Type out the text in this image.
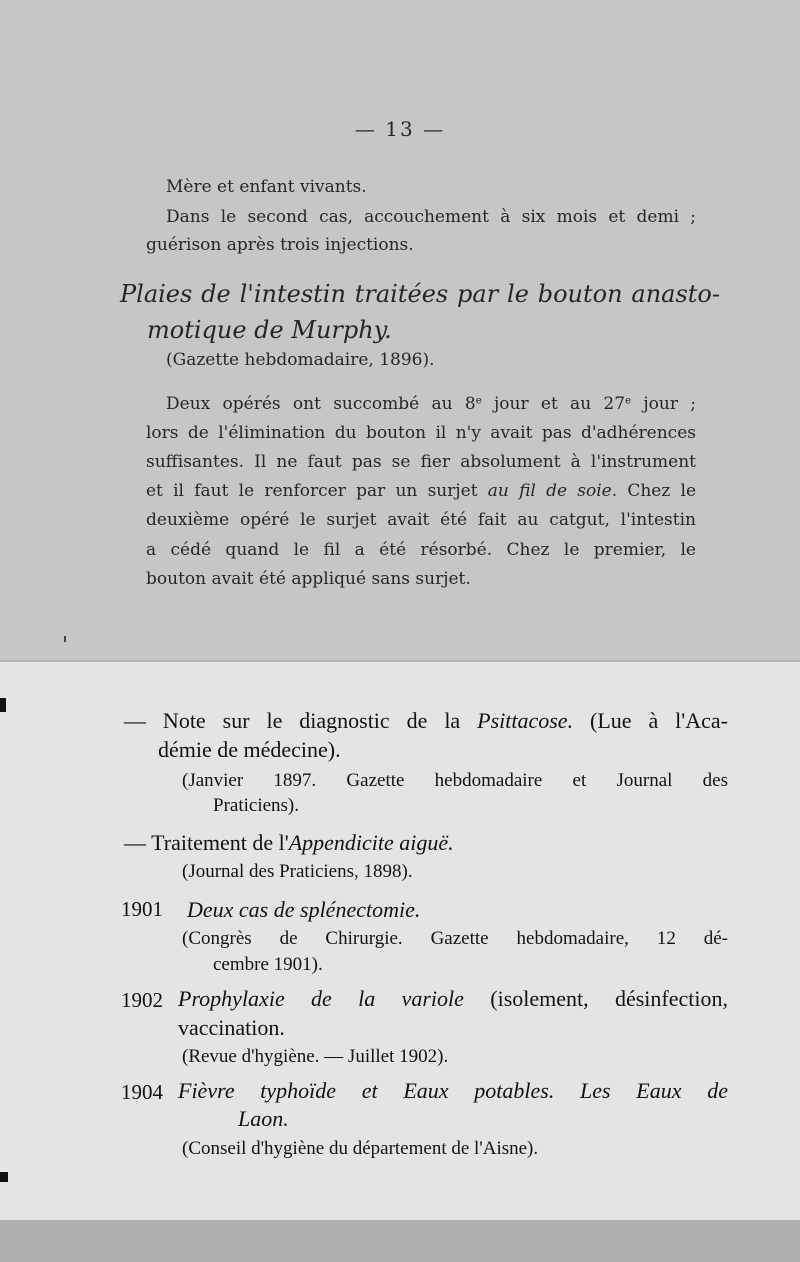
— 13 —
Mère et enfant vivants.
Dans le second cas, accouchement à six mois et demi ;
guérison après trois injections.
Plaies de l'intestin traitées par le bouton anasto-
motique de Murphy.
(Gazette hebdomadaire, 1896).
Deux opérés ont succombé au 8e jour et au 27e jour ;
lors de l'élimination du bouton il n'y avait pas d'adhérences
suffisantes. Il ne faut pas se fier absolument à l'instrument
et il faut le renforcer par un surjet au fil de soie. Chez le
deuxième opéré le surjet avait été fait au catgut, l'intestin
a cédé quand le fil a été résorbé. Chez le premier, le
bouton avait été appliqué sans surjet.
— Note sur le diagnostic de la Psittacose. (Lue à l'Aca-
démie de médecine).
(Janvier 1897. Gazette hebdomadaire et Journal des
Praticiens).
— Traitement de l'Appendicite aiguë.
(Journal des Praticiens, 1898).
1901 Deux cas de splénectomie.
(Congrès de Chirurgie. Gazette hebdomadaire, 12 dé-
cembre 1901).
1902 Prophylaxie de la variole (isolement, désinfection,
vaccination.
(Revue d'hygiène. — Juillet 1902).
1904 Fièvre typhoïde et Eaux potables. Les Eaux de
Laon.
(Conseil d'hygiène du département de l'Aisne).
